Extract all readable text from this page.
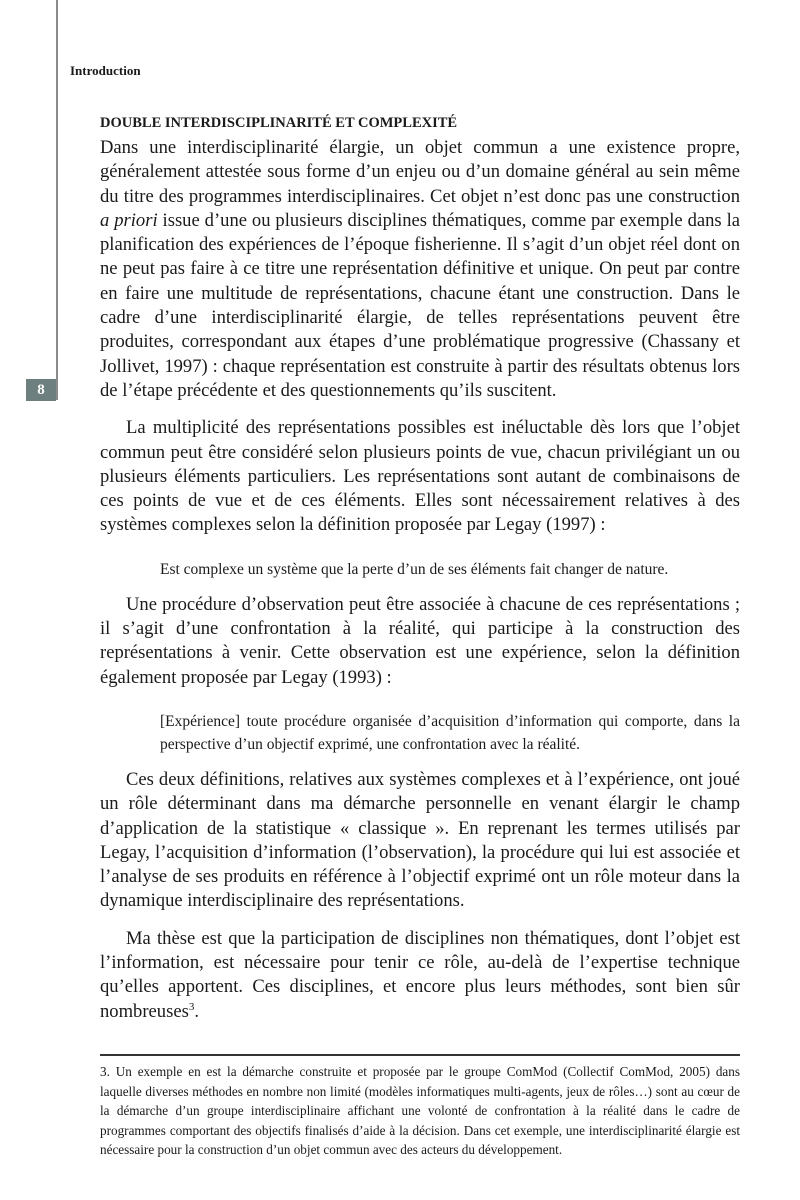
8
Introduction
DOUBLE INTERDISCIPLINARITÉ ET COMPLEXITÉ

Dans une interdisciplinarité élargie, un objet commun a une existence propre, généralement attestée sous forme d’un enjeu ou d’un domaine général au sein même du titre des programmes interdisciplinaires. Cet objet n’est donc pas une construction a priori issue d’une ou plusieurs disciplines thématiques, comme par exemple dans la planification des expériences de l’époque fisherienne. Il s’agit d’un objet réel dont on ne peut pas faire à ce titre une représentation définitive et unique. On peut par contre en faire une multitude de représentations, chacune étant une construction. Dans le cadre d’une interdisciplinarité élargie, de telles représentations peuvent être produites, correspondant aux étapes d’une problématique progressive (Chassany et Jollivet, 1997) : chaque représentation est construite à partir des résultats obtenus lors de l’étape précédente et des questionnements qu’ils suscitent.

La multiplicité des représentations possibles est inéluctable dès lors que l’objet commun peut être considéré selon plusieurs points de vue, chacun privilégiant un ou plusieurs éléments particuliers. Les représentations sont autant de combinaisons de ces points de vue et de ces éléments. Elles sont nécessairement relatives à des systèmes complexes selon la définition proposée par Legay (1997) :

Est complexe un système que la perte d’un de ses éléments fait changer de nature.

Une procédure d’observation peut être associée à chacune de ces représentations ; il s’agit d’une confrontation à la réalité, qui participe à la construction des représentations à venir. Cette observation est une expérience, selon la définition également proposée par Legay (1993) :

[Expérience] toute procédure organisée d’acquisition d’information qui comporte, dans la perspective d’un objectif exprimé, une confrontation avec la réalité.

Ces deux définitions, relatives aux systèmes complexes et à l’expérience, ont joué un rôle déterminant dans ma démarche personnelle en venant élargir le champ d’application de la statistique « classique ». En reprenant les termes utilisés par Legay, l’acquisition d’information (l’observation), la procédure qui lui est associée et l’analyse de ses produits en référence à l’objectif exprimé ont un rôle moteur dans la dynamique interdisciplinaire des représentations.

Ma thèse est que la participation de disciplines non thématiques, dont l’objet est l’information, est nécessaire pour tenir ce rôle, au-delà de l’expertise technique qu’elles apportent. Ces disciplines, et encore plus leurs méthodes, sont bien sûr nombreuses$^3$.

3. Un exemple en est la démarche construite et proposée par le groupe ComMod (Collectif ComMod, 2005) dans laquelle diverses méthodes en nombre non limité (modèles informatiques multi-agents, jeux de rôles…) sont au cœur de la démarche d’un groupe interdisciplinaire affichant une volonté de confrontation à la réalité dans le cadre de programmes comportant des objectifs finalisés d’aide à la décision. Dans cet exemple, une interdisciplinarité élargie est nécessaire pour la construction d’un objet commun avec des acteurs du développement.
